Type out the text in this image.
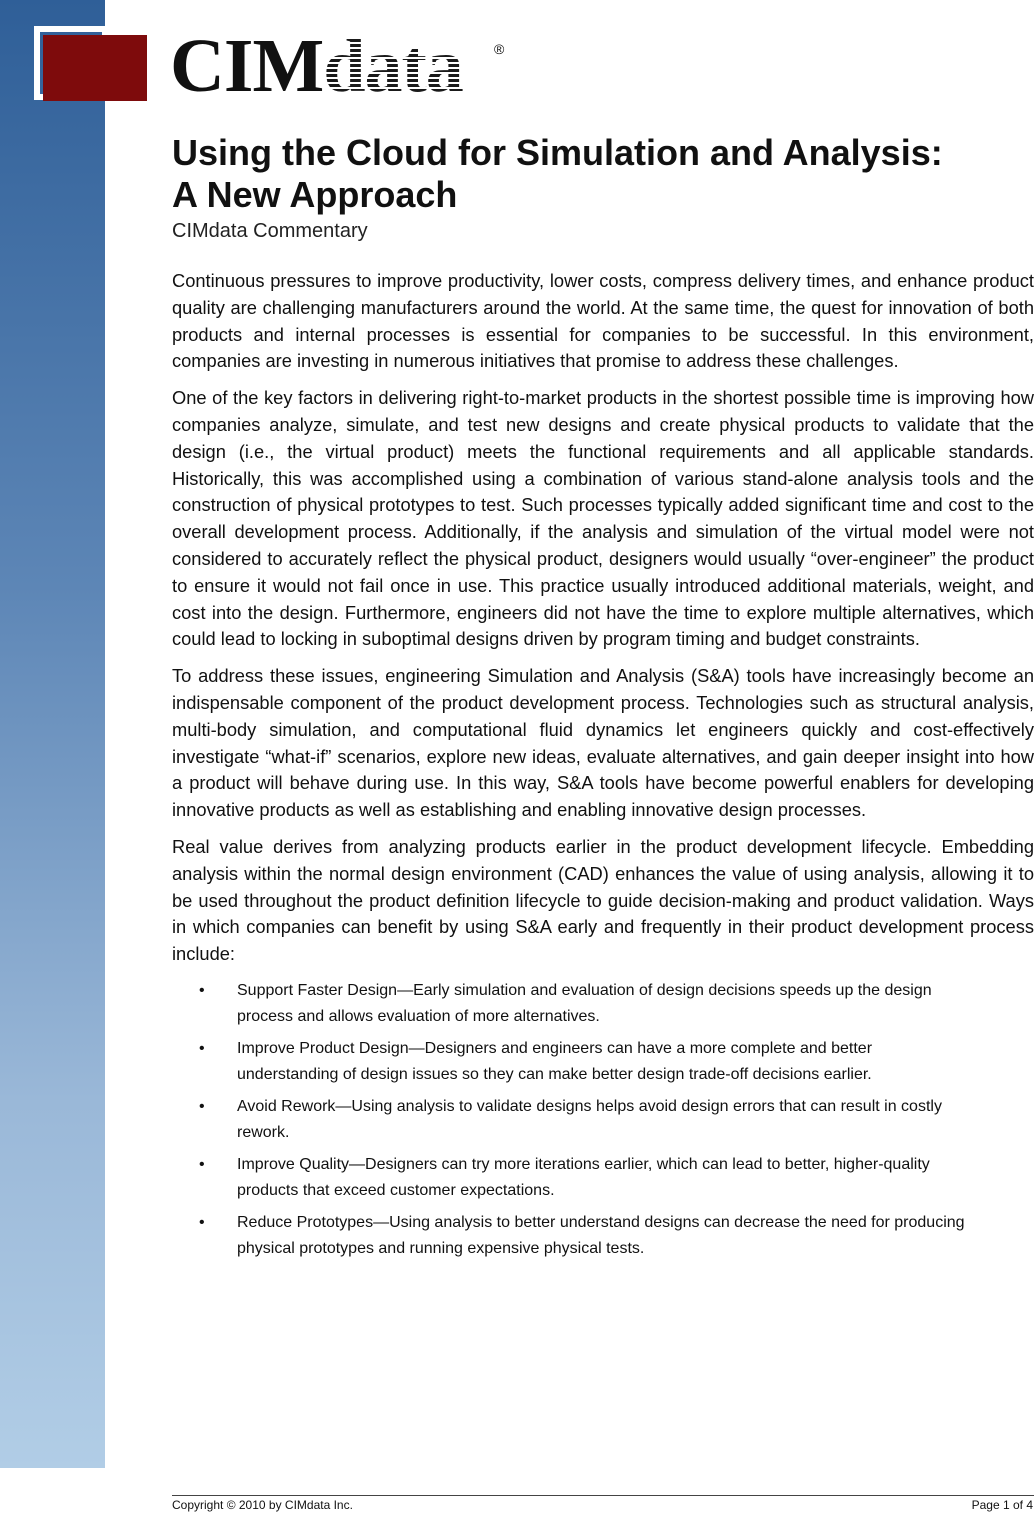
CIMdata	®
Using the Cloud for Simulation and Analysis:
A New Approach
CIMdata Commentary

Continuous pressures to improve productivity, lower costs, compress delivery times, and enhance product quality are challenging manufacturers around the world. At the same time, the quest for innovation of both products and internal processes is essential for companies to be successful. In this environment, companies are investing in numerous initiatives that promise to address these challenges.

One of the key factors in delivering right-to-market products in the shortest possible time is improving how companies analyze, simulate, and test new designs and create physical products to validate that the design (i.e., the virtual product) meets the functional requirements and all applicable standards. Historically, this was accomplished using a combination of various stand-alone analysis tools and the construction of physical prototypes to test. Such processes typically added significant time and cost to the overall development process. Additionally, if the analysis and simulation of the virtual model were not considered to accurately reflect the physical product, designers would usually “over-engineer” the product to ensure it would not fail once in use. This practice usually introduced additional materials, weight, and cost into the design. Furthermore, engineers did not have the time to explore multiple alternatives, which could lead to locking in suboptimal designs driven by program timing and budget constraints.

To address these issues, engineering Simulation and Analysis (S&A) tools have increasingly become an indispensable component of the product development process. Technologies such as structural analysis, multi-body simulation, and computational fluid dynamics let engineers quickly and cost-effectively investigate “what-if” scenarios, explore new ideas, evaluate alternatives, and gain deeper insight into how a product will behave during use. In this way, S&A tools have become powerful enablers for developing innovative products as well as establishing and enabling innovative design processes.

Real value derives from analyzing products earlier in the product development lifecycle. Embedding analysis within the normal design environment (CAD) enhances the value of using analysis, allowing it to be used throughout the product definition lifecycle to guide decision-making and product validation. Ways in which companies can benefit by using S&A early and frequently in their product development process include:

• Support Faster Design—Early simulation and evaluation of design decisions speeds up the design process and allows evaluation of more alternatives.
• Improve Product Design—Designers and engineers can have a more complete and better understanding of design issues so they can make better design trade-off decisions earlier.
• Avoid Rework—Using analysis to validate designs helps avoid design errors that can result in costly rework.
• Improve Quality—Designers can try more iterations earlier, which can lead to better, higher-quality products that exceed customer expectations.
• Reduce Prototypes—Using analysis to better understand designs can decrease the need for producing physical prototypes and running expensive physical tests.
Copyright © 2010 by CIMdata Inc.	Page 1 of 4
